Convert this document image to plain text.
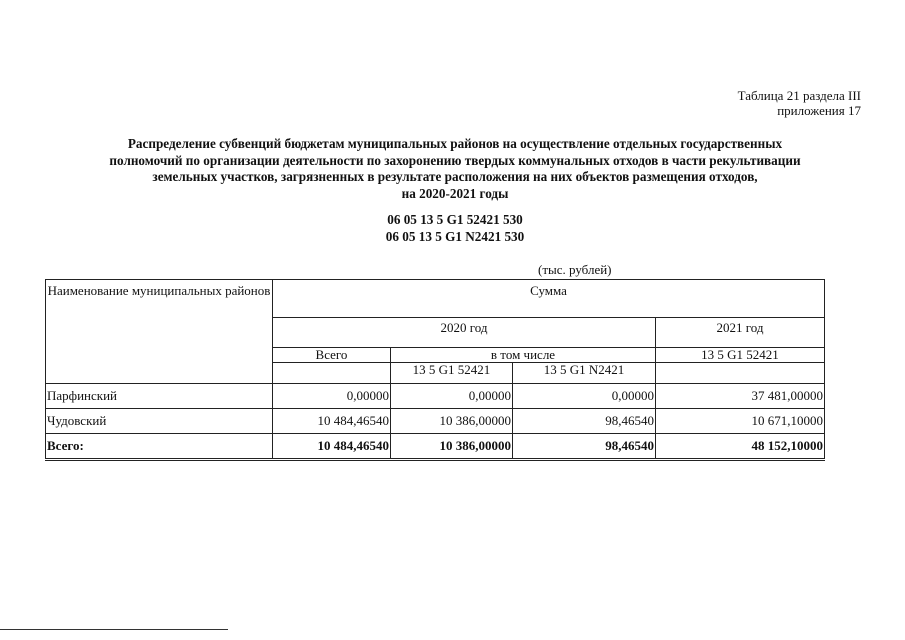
Таблица 21 раздела III
приложения 17
Распределение субвенций бюджетам муниципальных районов на осуществление отдельных государственных
полномочий по организации деятельности по захоронению твердых коммунальных отходов в части рекультивации
земельных участков, загрязненных в результате расположения на них объектов размещения отходов,
на 2020-2021 годы
06 05 13 5 G1 52421 530
06 05 13 5 G1 N2421 530
(тыс. рублей)
Наименование муниципальных районов	Сумма			
	2020 год			2021 год
	Всего	в том числе		13 5 G1 52421
		13 5 G1 52421	13 5 G1 N2421	
Парфинский	0,00000	0,00000	0,00000	37 481,00000
Чудовский	10 484,46540	10 386,00000	98,46540	10 671,10000
Всего:	10 484,46540	10 386,00000	98,46540	48 152,10000
